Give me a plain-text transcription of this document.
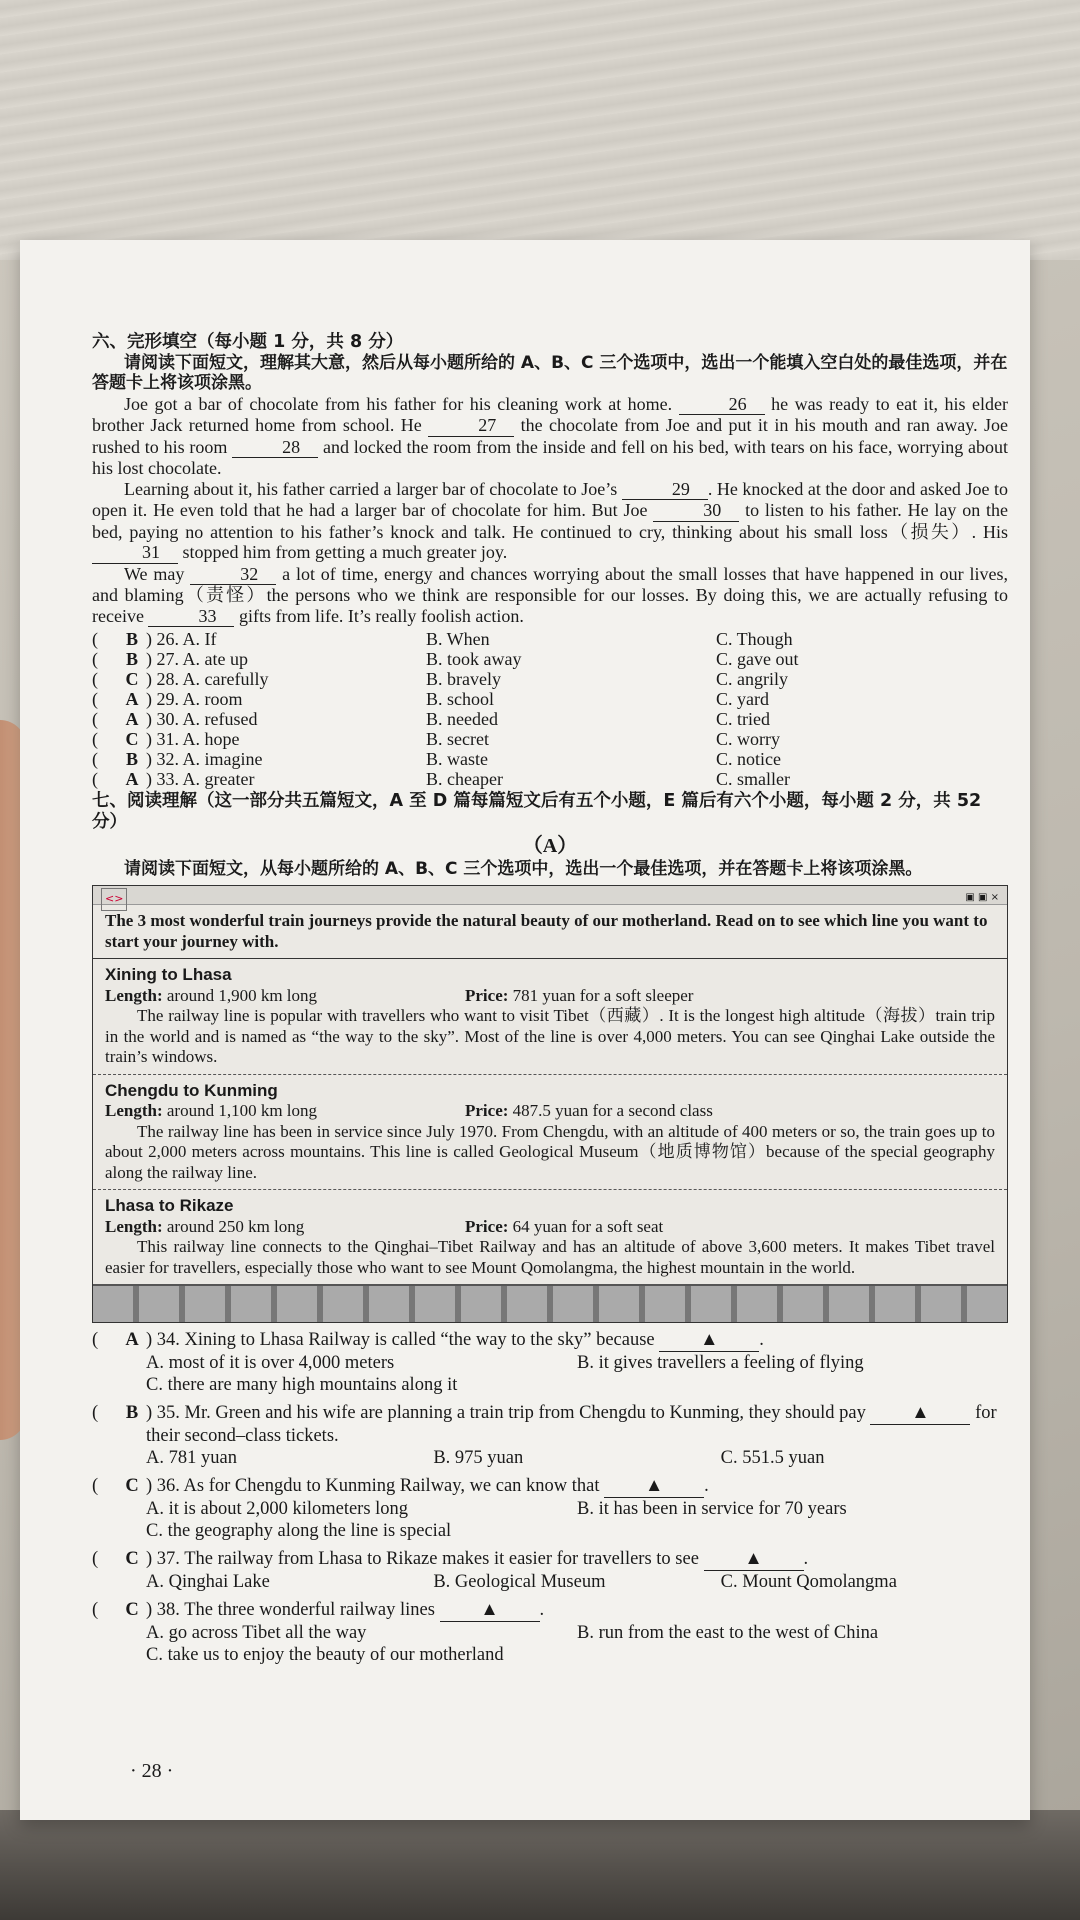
六、完形填空（每小题 1 分，共 8 分）
请阅读下面短文，理解其大意，然后从每小题所给的 A、B、C 三个选项中，选出一个能填入空白处的最佳选项，并在答题卡上将该项涂黑。

Joe got a bar of chocolate from his father for his cleaning work at home.	26 he was ready to eat it, his elder brother Jack returned home from school. He	27 the chocolate from Joe and put it in his mouth and ran away. Joe rushed to his room	28 and locked the room from the inside and fell on his bed, with tears on his face, worrying about his lost chocolate.

Learning about it, his father carried a larger bar of chocolate to Joe’s	29 . He knocked at the door and asked Joe to open it. He even told that he had a larger bar of chocolate for him. But Joe	30 to listen to his father. He lay on the bed, paying no attention to his father’s knock and talk. He continued to cry, thinking about his small loss（损失）. His 31 stopped him from getting a much greater joy.

We may	32 a lot of time, energy and chances worrying about the small losses that have happened in our lives, and blaming（责怪）the persons who we think are responsible for our losses. By doing this, we are actually refusing to receive	33 gifts from life. It’s really foolish action.

(	B ) 26. A. If	B. When	C. Though
(	B ) 27. A. ate up	B. took away	C. gave out
(	C ) 28. A. carefully	B. bravely	C. angrily
(	A ) 29. A. room	B. school	C. yard
(	A ) 30. A. refused	B. needed	C. tried
(	C ) 31. A. hope	B. secret	C. worry
(	B ) 32. A. imagine	B. waste	C. notice
(	A ) 33. A. greater	B. cheaper	C. smaller
七、阅读理解（这一部分共五篇短文，A 至 D 篇每篇短文后有五个小题，E 篇后有六个小题，每小题 2 分，共 52 分）
（A）
请阅读下面短文，从每小题所给的 A、B、C 三个选项中，选出一个最佳选项，并在答题卡上将该项涂黑。
<>	▣ ▣ ×
The 3 most wonderful train journeys provide the natural beauty of our motherland. Read on to see which line you want to start your journey with.
Xining to Lhasa
Length: around 1,900 km long	Price: 781 yuan for a soft sleeper

The railway line is popular with travellers who want to visit Tibet（西藏）. It is the longest high altitude（海拔）train trip in the world and is named as “the way to the sky”. Most of the line is over 4,000 meters. You can see Qinghai Lake outside the train’s windows.

Chengdu to Kunming
Length: around 1,100 km long	Price: 487.5 yuan for a second class

The railway line has been in service since July 1970. From Chengdu, with an altitude of 400 meters or so, the train goes up to about 2,000 meters across mountains. This line is called Geological Museum（地质博物馆）because of the special geography along the railway line.

Lhasa to Rikaze
Length: around 250 km long	Price: 64 yuan for a soft seat

This railway line connects to the Qinghai–Tibet Railway and has an altitude of above 3,600 meters. It makes Tibet travel easier for travellers, especially those who want to see Mount Qomolangma, the highest mountain in the world.

(	A ) 34. Xining to Lhasa Railway is called “the way to the sky” because ▲ .
A. most of it is over 4,000 meters	B. it gives travellers a feeling of flying
C. there are many high mountains along it
(	B ) 35. Mr. Green and his wife are planning a train trip from Chengdu to Kunming, they should pay ▲ for their second–class tickets.
A. 781 yuan	B. 975 yuan	C. 551.5 yuan
(	C ) 36. As for Chengdu to Kunming Railway, we can know that ▲ .
A. it is about 2,000 kilometers long	B. it has been in service for 70 years
C. the geography along the line is special
(	C ) 37. The railway from Lhasa to Rikaze makes it easier for travellers to see ▲ .
A. Qinghai Lake	B. Geological Museum	C. Mount Qomolangma
(	C ) 38. The three wonderful railway lines ▲ .
A. go across Tibet all the way	B. run from the east to the west of China
C. take us to enjoy the beauty of our motherland
· 28 ·
